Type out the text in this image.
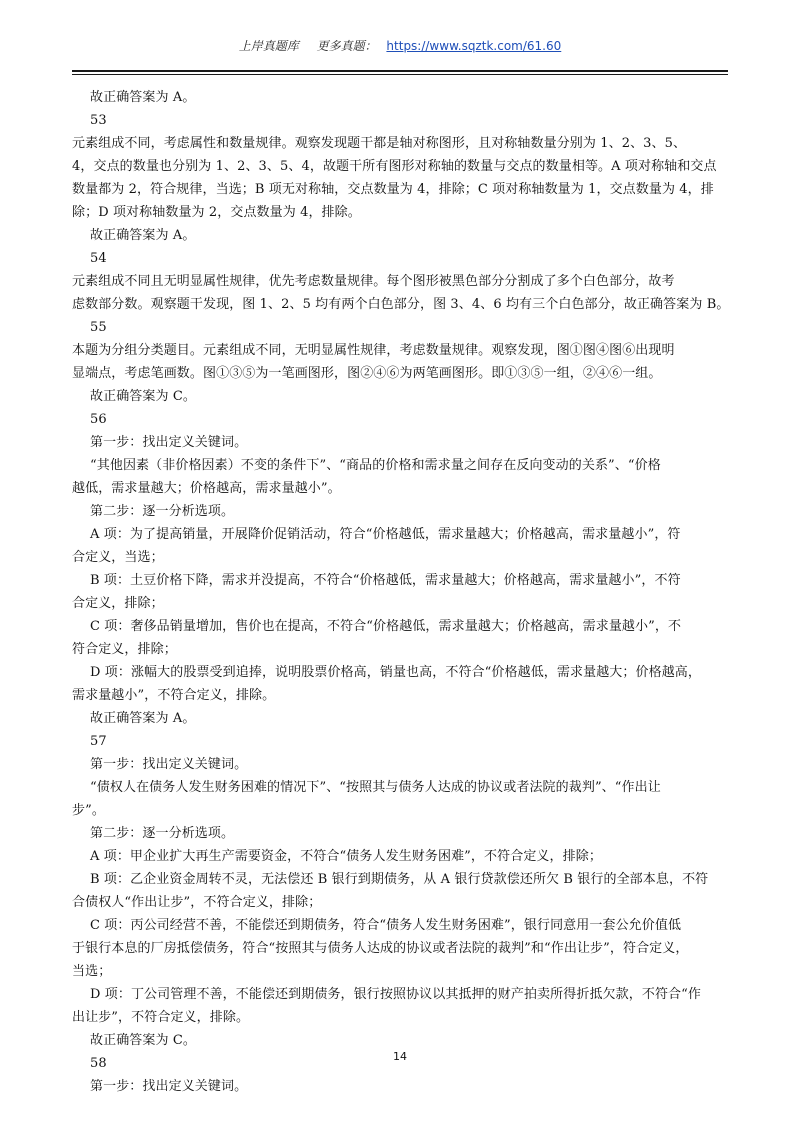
上岸真题库 更多真题： https://www.sqztk.com/61.60

故正确答案为 A。

53

元素组成不同，考虑属性和数量规律。观察发现题干都是轴对称图形，且对称轴数量分别为 1、2、3、5、

4，交点的数量也分别为 1、2、3、5、4，故题干所有图形对称轴的数量与交点的数量相等。A 项对称轴和交点

数量都为 2，符合规律，当选；B 项无对称轴，交点数量为 4，排除；C 项对称轴数量为 1，交点数量为 4，排

除；D 项对称轴数量为 2，交点数量为 4，排除。

故正确答案为 A。

54

元素组成不同且无明显属性规律，优先考虑数量规律。每个图形被黑色部分分割成了多个白色部分，故考

虑数部分数。观察题干发现，图 1、2、5 均有两个白色部分，图 3、4、6 均有三个白色部分，故正确答案为 B。

55

本题为分组分类题目。元素组成不同，无明显属性规律，考虑数量规律。观察发现，图①图④图⑥出现明

显端点，考虑笔画数。图①③⑤为一笔画图形，图②④⑥为两笔画图形。即①③⑤一组，②④⑥一组。

故正确答案为 C。

56

第一步：找出定义关键词。

“其他因素（非价格因素）不变的条件下”、“商品的价格和需求量之间存在反向变动的关系”、“价格

越低，需求量越大；价格越高，需求量越小”。

第二步：逐一分析选项。

A 项：为了提高销量，开展降价促销活动，符合“价格越低，需求量越大；价格越高，需求量越小”，符

合定义，当选；

B 项：土豆价格下降，需求并没提高，不符合“价格越低，需求量越大；价格越高，需求量越小”，不符

合定义，排除；

C 项：奢侈品销量增加，售价也在提高，不符合“价格越低，需求量越大；价格越高，需求量越小”，不

符合定义，排除；

D 项：涨幅大的股票受到追捧，说明股票价格高，销量也高，不符合“价格越低，需求量越大；价格越高，

需求量越小”，不符合定义，排除。

故正确答案为 A。

57

第一步：找出定义关键词。

“债权人在债务人发生财务困难的情况下”、“按照其与债务人达成的协议或者法院的裁判”、“作出让

步”。

第二步：逐一分析选项。

A 项：甲企业扩大再生产需要资金，不符合“债务人发生财务困难”，不符合定义，排除；

B 项：乙企业资金周转不灵，无法偿还 B 银行到期债务，从 A 银行贷款偿还所欠 B 银行的全部本息，不符

合债权人“作出让步”，不符合定义，排除；

C 项：丙公司经营不善，不能偿还到期债务，符合“债务人发生财务困难”，银行同意用一套公允价值低

于银行本息的厂房抵偿债务，符合“按照其与债务人达成的协议或者法院的裁判”和“作出让步”，符合定义，

当选；

D 项：丁公司管理不善，不能偿还到期债务，银行按照协议以其抵押的财产拍卖所得折抵欠款，不符合“作

出让步”，不符合定义，排除。

故正确答案为 C。

58

第一步：找出定义关键词。

14
